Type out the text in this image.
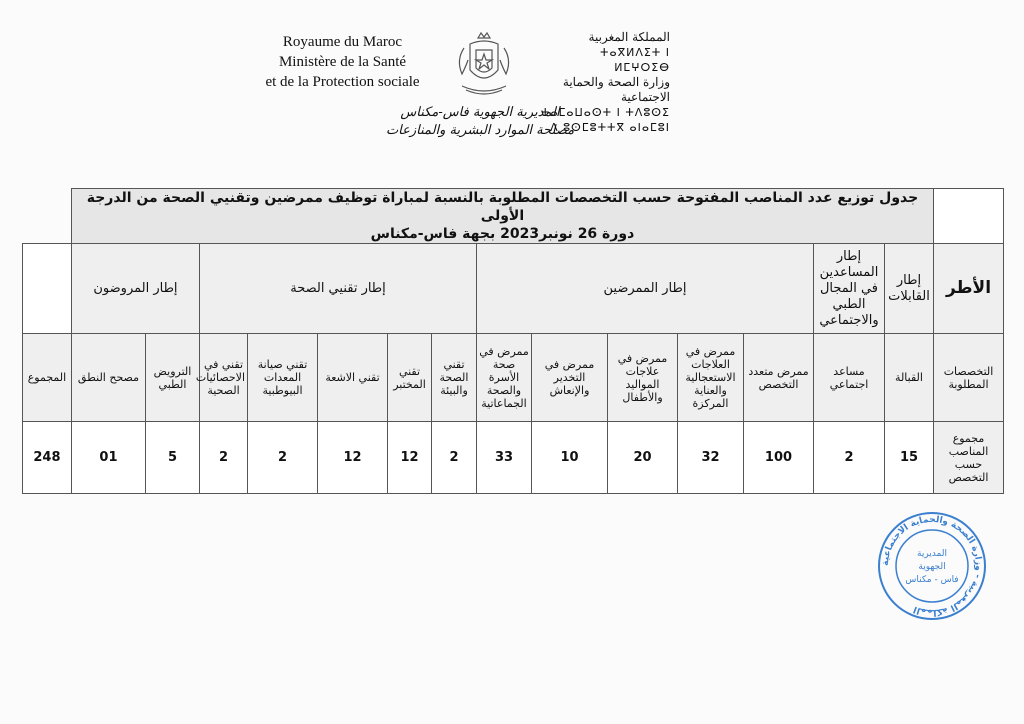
Royaume du Maroc
Ministère de la Santé
et de la Protection sociale
المملكة المغربية
ⵜⴰⴳⵍⴷⵉⵜ ⵏ ⵍⵎⵖⵔⵉⴱ
وزارة الصحة والحماية الاجتماعية
ⵜⴰⵎⴰⵡⴰⵙⵜ ⵏ ⵜⴷⵓⵙⵉ ⴷ ⵓⵙⵎⵓⵜⵜⴳ ⴰⵏⴰⵎⵓⵏ
المديرية الجهوية فاس-مكناس
مصلحة الموارد البشرية والمنازعات

	جدول توزيع عدد المناصب المفتوحة حسب التخصصات المطلوبة بالنسبة لمباراة توظيف ممرضين وتقنيي الصحة من الدرجة الأولى
دورة 26 نونبر2023 بجهة فاس-مكناس														

الأطر	إطار القابلات	إطار المساعدين في المجال الطبي والاجتماعي	إطار الممرضين					إطار تقنيي الصحة					إطار المروضون		
التخصصات المطلوبة	القبالة	مساعد اجتماعي	ممرض متعدد التخصص	ممرض في العلاجات الاستعجالية والعناية المركزة	ممرض في علاجات المواليد والأطفال	ممرض في التخدير والإنعاش	ممرض في صحة الأسرة والصحة الجماعاتية	تقني الصحة والبيئة	تقني المختبر	تقني الاشعة	تقني صيانة المعدات البيوطبية	تقني في الاحصائيات الصحية	الترويض الطبي	مصحح النطق	المجموع
مجموع المناصب حسب التخصص	15	2	100	32	20	10	33	2	12	12	2	2	5	01	248
المملكة المغربية - وزارة الصحة والحماية الاجتماعية
المديرية
الجهوية
فاس - مكناس
